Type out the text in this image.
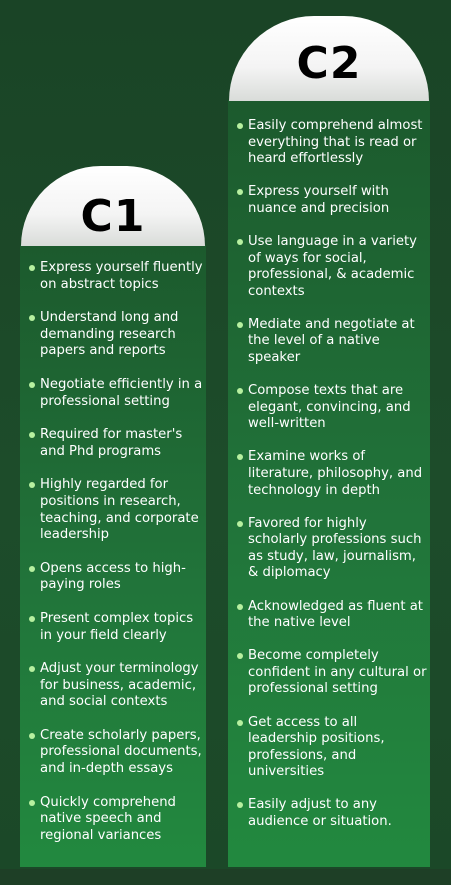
C1
Express yourself fluently on abstract topics
Understand long and demanding research papers and reports
Negotiate efficiently in a professional setting
Required for master's and Phd programs
Highly regarded for positions in research, teaching, and corporate leadership
Opens access to high-paying roles
Present complex topics in your field clearly
Adjust your terminology for business, academic, and social contexts
Create scholarly papers, professional documents, and in-depth essays
Quickly comprehend native speech and regional variances
C2
Easily comprehend almost everything that is read or heard effortlessly
Express yourself with nuance and precision
Use language in a variety of ways for social, professional, & academic contexts
Mediate and negotiate at the level of a native speaker
Compose texts that are elegant, convincing, and well-written
Examine works of literature, philosophy, and technology in depth
Favored for highly scholarly professions such as study, law, journalism, & diplomacy
Acknowledged as fluent at the native level
Become completely confident in any cultural or professional setting
Get access to all leadership positions, professions, and universities
Easily adjust to any audience or situation.
